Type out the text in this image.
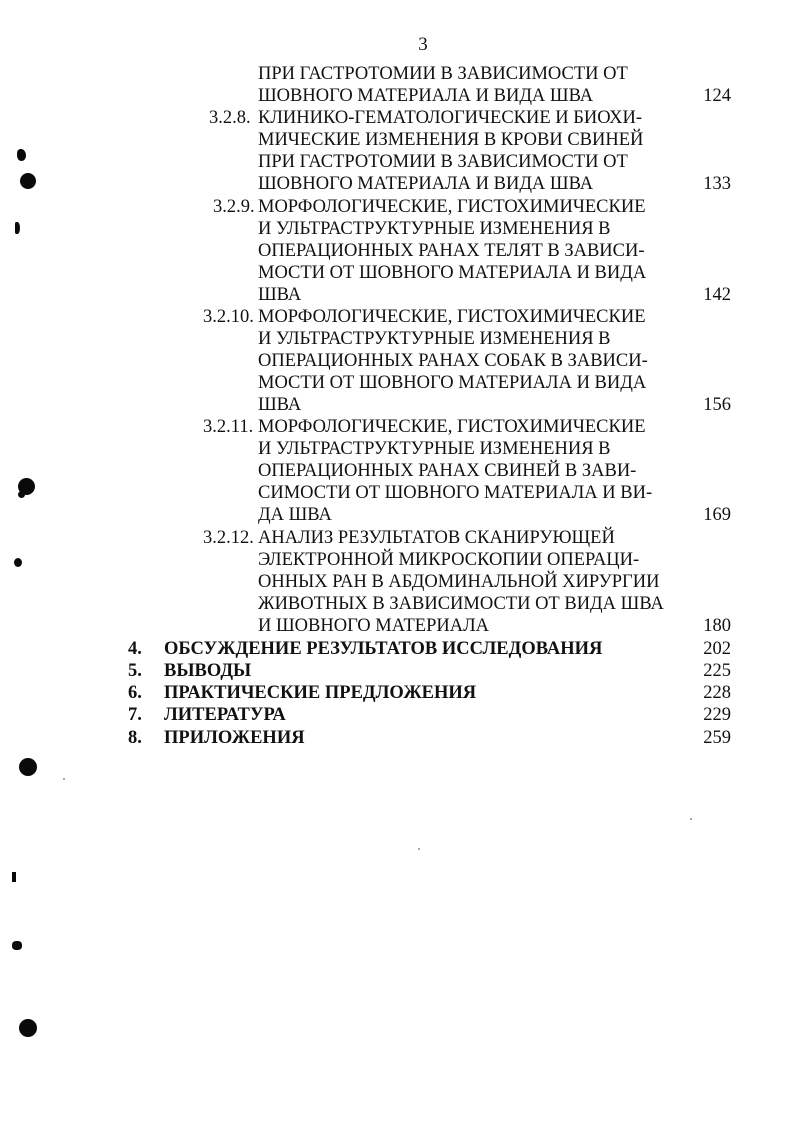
3
ПРИ ГАСТРОТОМИИ В ЗАВИСИМОСТИ ОТ
ШОВНОГО МАТЕРИАЛА И ВИДА ШВА	124
3.2.8. КЛИНИКО-ГЕМАТОЛОГИЧЕСКИЕ И БИОХИ-
МИЧЕСКИЕ ИЗМЕНЕНИЯ В КРОВИ СВИНЕЙ
ПРИ ГАСТРОТОМИИ В ЗАВИСИМОСТИ ОТ
ШОВНОГО МАТЕРИАЛА И ВИДА ШВА	133
3.2.9. МОРФОЛОГИЧЕСКИЕ, ГИСТОХИМИЧЕСКИЕ
И УЛЬТРАСТРУКТУРНЫЕ ИЗМЕНЕНИЯ В
ОПЕРАЦИОННЫХ РАНАХ ТЕЛЯТ В ЗАВИСИ-
МОСТИ ОТ ШОВНОГО МАТЕРИАЛА И ВИДА
ШВА	142
3.2.10. МОРФОЛОГИЧЕСКИЕ, ГИСТОХИМИЧЕСКИЕ
И УЛЬТРАСТРУКТУРНЫЕ ИЗМЕНЕНИЯ В
ОПЕРАЦИОННЫХ РАНАХ СОБАК В ЗАВИСИ-
МОСТИ ОТ ШОВНОГО МАТЕРИАЛА И ВИДА
ШВА	156
3.2.11. МОРФОЛОГИЧЕСКИЕ, ГИСТОХИМИЧЕСКИЕ
И УЛЬТРАСТРУКТУРНЫЕ ИЗМЕНЕНИЯ В
ОПЕРАЦИОННЫХ РАНАХ СВИНЕЙ В ЗАВИ-
СИМОСТИ ОТ ШОВНОГО МАТЕРИАЛА И ВИ-
ДА ШВА	169
3.2.12. АНАЛИЗ РЕЗУЛЬТАТОВ СКАНИРУЮЩЕЙ
ЭЛЕКТРОННОЙ МИКРОСКОПИИ ОПЕРАЦИ-
ОННЫХ РАН В АБДОМИНАЛЬНОЙ ХИРУРГИИ
ЖИВОТНЫХ В ЗАВИСИМОСТИ ОТ ВИДА ШВА
И ШОВНОГО МАТЕРИАЛА	180
4. ОБСУЖДЕНИЕ РЕЗУЛЬТАТОВ ИССЛЕДОВАНИЯ	202
5. ВЫВОДЫ	225
6. ПРАКТИЧЕСКИЕ ПРЕДЛОЖЕНИЯ	228
7. ЛИТЕРАТУРА	229
8. ПРИЛОЖЕНИЯ	259
